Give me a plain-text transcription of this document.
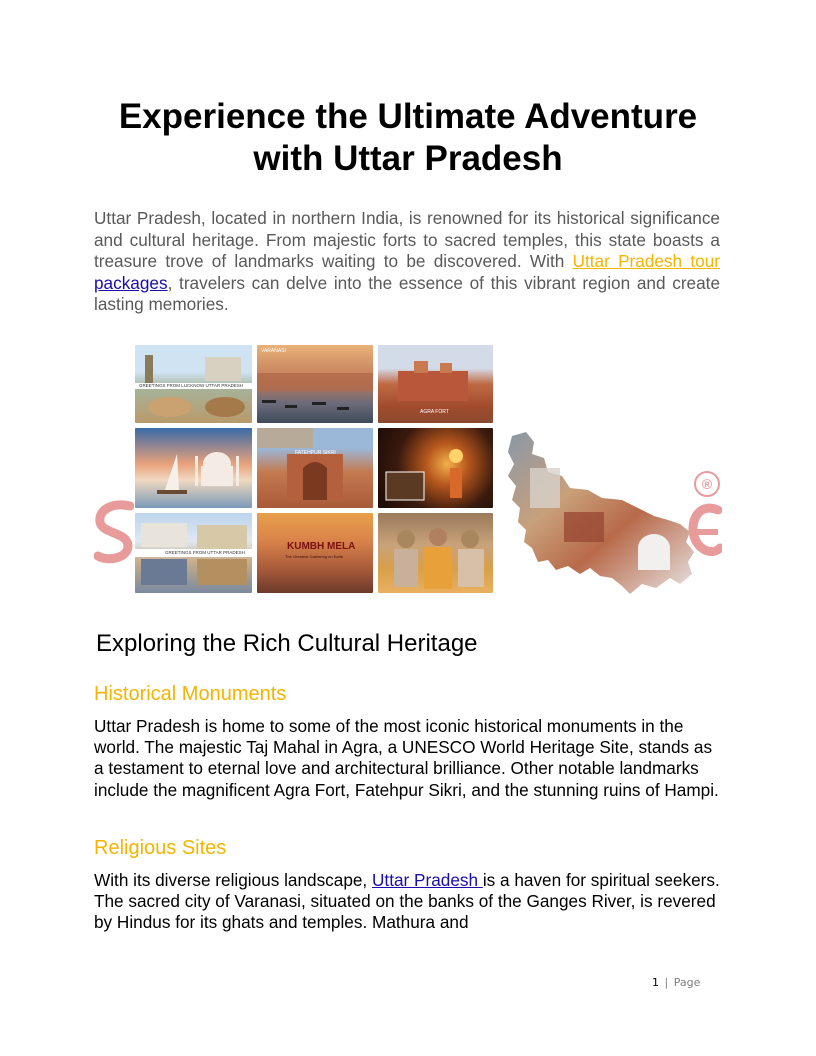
Experience the Ultimate Adventure
with Uttar Pradesh

Uttar Pradesh, located in northern India, is renowned for its historical significance and cultural heritage. From majestic forts to sacred temples, this state boasts a treasure trove of landmarks waiting to be discovered. With Uttar Pradesh tour packages, travelers can delve into the essence of this vibrant region and create lasting memories.

®
GREETINGS FROM LUCKNOW UTTAR PRADESH
VARANASI
AGRA FORT
FATEHPUR SIKRI
GREETINGS FROM UTTAR PRADESH
KUMBH MELA
The Greatest Gathering on Earth
Exploring the Rich Cultural Heritage
Historical Monuments

Uttar Pradesh is home to some of the most iconic historical monuments in the world. The majestic Taj Mahal in Agra, a UNESCO World Heritage Site, stands as a testament to eternal love and architectural brilliance. Other notable landmarks include the magnificent Agra Fort, Fatehpur Sikri, and the stunning ruins of Hampi.

Religious Sites

With its diverse religious landscape, Uttar Pradesh is a haven for spiritual seekers. The sacred city of Varanasi, situated on the banks of the Ganges River, is revered by Hindus for its ghats and temples. Mathura and

1 | Page
